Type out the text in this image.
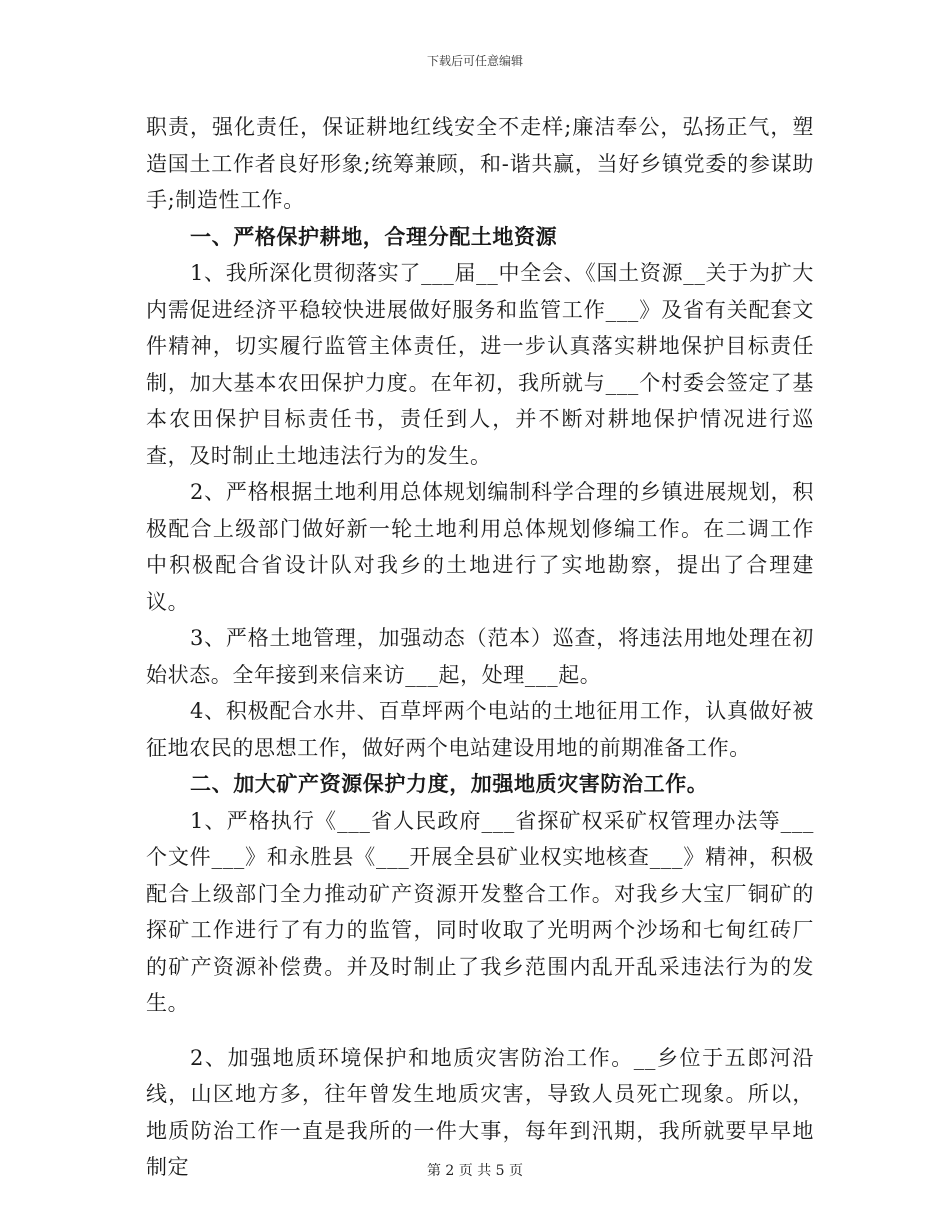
下载后可任意编辑

职责，强化责任，保证耕地红线安全不走样;廉洁奉公，弘扬正气，塑造国土工作者良好形象;统筹兼顾，和-谐共赢，当好乡镇党委的参谋助手;制造性工作。

一、严格保护耕地，合理分配土地资源

1、我所深化贯彻落实了___届__中全会、《国土资源__关于为扩大内需促进经济平稳较快进展做好服务和监管工作___》及省有关配套文件精神，切实履行监管主体责任，进一步认真落实耕地保护目标责任制，加大基本农田保护力度。在年初，我所就与___个村委会签定了基本农田保护目标责任书，责任到人，并不断对耕地保护情况进行巡查，及时制止土地违法行为的发生。

2、严格根据土地利用总体规划编制科学合理的乡镇进展规划，积极配合上级部门做好新一轮土地利用总体规划修编工作。在二调工作中积极配合省设计队对我乡的土地进行了实地勘察，提出了合理建议。

3、严格土地管理，加强动态（范本）巡查，将违法用地处理在初始状态。全年接到来信来访___起，处理___起。

4、积极配合水井、百草坪两个电站的土地征用工作，认真做好被征地农民的思想工作，做好两个电站建设用地的前期准备工作。

二、加大矿产资源保护力度，加强地质灾害防治工作。

1、严格执行《___省人民政府___省探矿权采矿权管理办法等___个文件___》和永胜县《___开展全县矿业权实地核查___》精神，积极配合上级部门全力推动矿产资源开发整合工作。对我乡大宝厂铜矿的探矿工作进行了有力的监管，同时收取了光明两个沙场和七甸红砖厂的矿产资源补偿费。并及时制止了我乡范围内乱开乱采违法行为的发生。

2、加强地质环境保护和地质灾害防治工作。__乡位于五郎河沿线，山区地方多，往年曾发生地质灾害，导致人员死亡现象。所以，地质防治工作一直是我所的一件大事，每年到汛期，我所就要早早地制定	第 2 页 共 5 页
